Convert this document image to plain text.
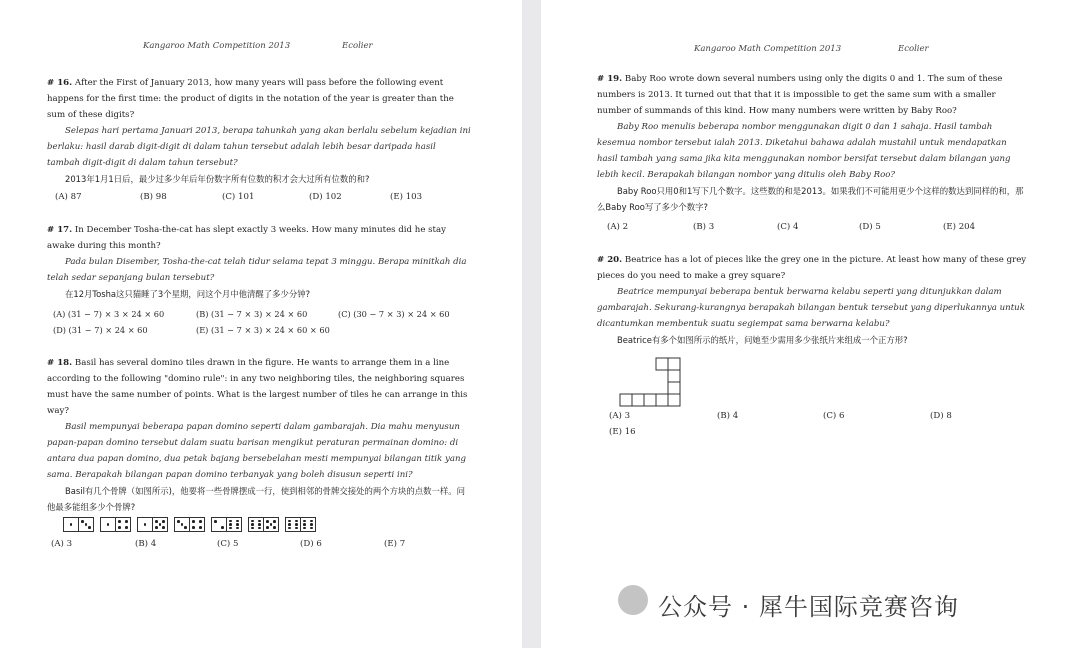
Kangaroo Math Competition 2013	Ecolier

# 16. After the First of January 2013, how many years will pass before the following event happens for the first time: the product of digits in the notation of the year is greater than the sum of these digits?

Selepas hari pertama Januari 2013, berapa tahunkah yang akan berlalu sebelum kejadian ini berlaku: hasil darab digit-digit di dalam tahun tersebut adalah lebih besar daripada hasil tambah digit-digit di dalam tahun tersebut?

2013年1月1日后，最少过多少年后年份数字所有位数的积才会大过所有位数的和?

(A) 87	(B) 98	(C) 101	(D) 102	(E) 103

# 17. In December Tosha-the-cat has slept exactly 3 weeks. How many minutes did he stay awake during this month?

Pada bulan Disember, Tosha-the-cat telah tidur selama tepat 3 minggu. Berapa minitkah dia telah sedar sepanjang bulan tersebut?

在12月Tosha这只猫睡了3个星期，问这个月中他清醒了多少分钟?

(A) (31 − 7) × 3 × 24 × 60	(B) (31 − 7 × 3) × 24 × 60	(C) (30 − 7 × 3) × 24 × 60
(D) (31 − 7) × 24 × 60	(E) (31 − 7 × 3) × 24 × 60 × 60

# 18. Basil has several domino tiles drawn in the figure. He wants to arrange them in a line according to the following "domino rule": in any two neighboring tiles, the neighboring squares must have the same number of points. What is the largest number of tiles he can arrange in this way?

Basil mempunyai beberapa papan domino seperti dalam gambarajah. Dia mahu menyusun papan-papan domino tersebut dalam suatu barisan mengikut peraturan permainan domino: di antara dua papan domino, dua petak bajang bersebelahan mesti mempunyai bilangan titik yang sama. Berapakah bilangan papan domino terbanyak yang boleh disusun seperti ini?

Basil有几个骨牌（如图所示)，他要将一些骨牌摆成一行，使到相邻的骨牌交接处的两个方块的点数一样。问他最多能组多少个骨牌?

(A) 3	(B) 4	(C) 5	(D) 6	(E) 7
Kangaroo Math Competition 2013	Ecolier

# 19. Baby Roo wrote down several numbers using only the digits 0 and 1. The sum of these numbers is 2013. It turned out that that it is impossible to get the same sum with a smaller number of summands of this kind. How many numbers were written by Baby Roo?

Baby Roo menulis beberapa nombor menggunakan digit 0 dan 1 sahaja. Hasil tambah kesemua nombor tersebut ialah 2013. Diketahui bahawa adalah mustahil untuk mendapatkan hasil tambah yang sama jika kita menggunakan nombor bersifat tersebut dalam bilangan yang lebih kecil. Berapakah bilangan nombor yang ditulis oleh Baby Roo?

Baby Roo只用0和1写下几个数字。这些数的和是2013。如果我们不可能用更少个这样的数达到同样的和，那么Baby Roo写了多少个数字?

(A) 2	(B) 3	(C) 4	(D) 5	(E) 204

# 20. Beatrice has a lot of pieces like the grey one in the picture. At least how many of these grey pieces do you need to make a grey square?

Beatrice mempunyai beberapa bentuk berwarna kelabu seperti yang ditunjukkan dalam gambarajah. Sekurang-kurangnya berapakah bilangan bentuk tersebut yang diperlukannya untuk dicantumkan membentuk suatu segiempat sama berwarna kelabu?

Beatrice有多个如图所示的纸片，问她至少需用多少张纸片来组成一个正方形?

(A) 3	(B) 4	(C) 6	(D) 8
(E) 16
公众号 · 犀牛国际竞赛咨询
